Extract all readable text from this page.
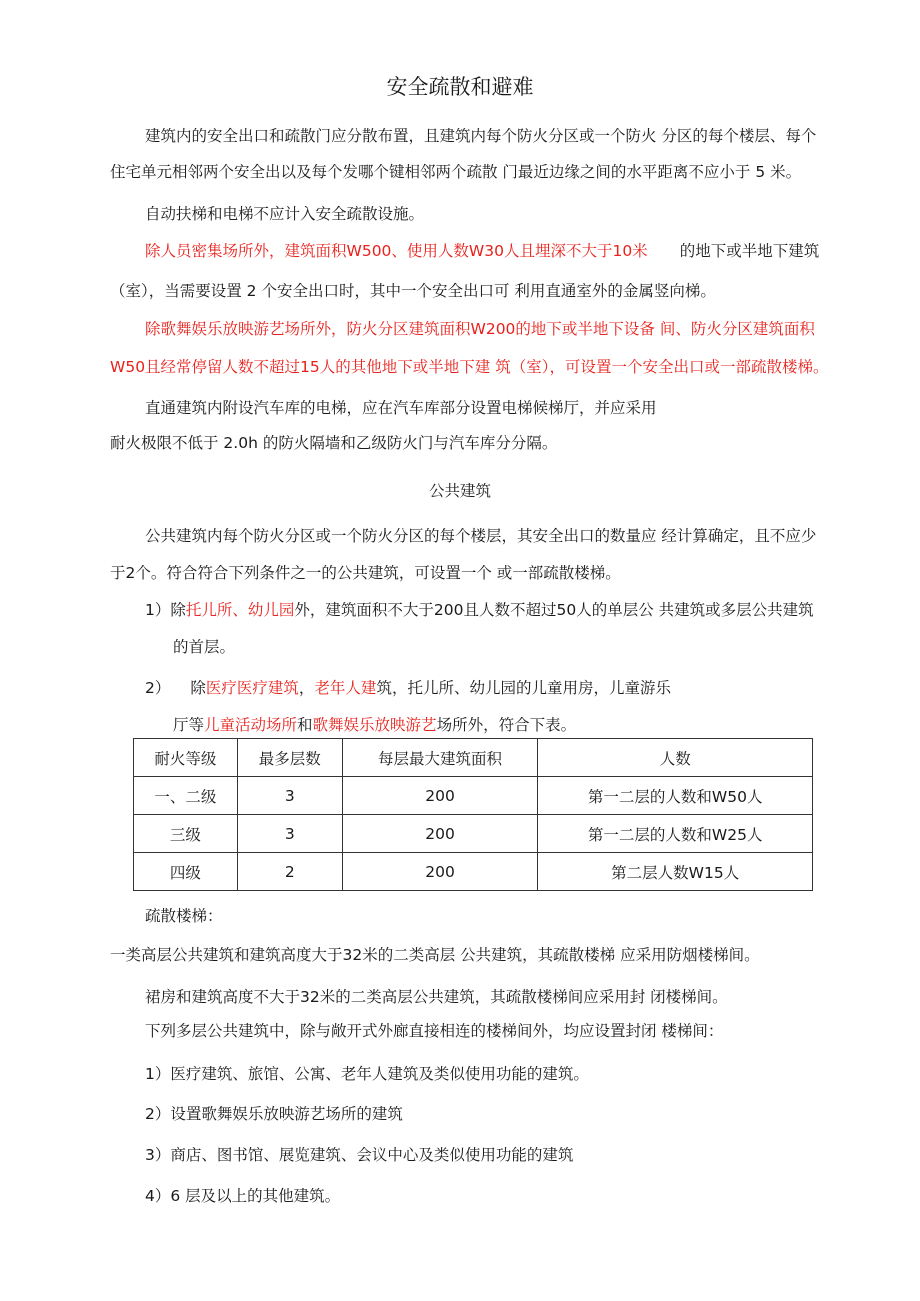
安全疏散和避难
建筑内的安全出口和疏散门应分散布置，且建筑内每个防火分区或一个防火 分区的每个楼层、每个
住宅单元相邻两个安全出以及每个发哪个键相邻两个疏散 门最近边缘之间的水平距离不应小于 5 米。
自动扶梯和电梯不应计入安全疏散设施。
除人员密集场所外，建筑面积W500、使用人数W30人且埋深不大于10米 的地下或半地下建筑
（室），当需要设置 2 个安全出口时，其中一个安全出口可 利用直通室外的金属竖向梯。
除歌舞娱乐放映游艺场所外，防火分区建筑面积W200的地下或半地下设备 间、防火分区建筑面积
W50且经常停留人数不超过15人的其他地下或半地下建 筑（室），可设置一个安全出口或一部疏散楼梯。
直通建筑内附设汽车库的电梯，应在汽车库部分设置电梯候梯厅，并应采用
耐火极限不低于 2.0h 的防火隔墙和乙级防火门与汽车库分分隔。
公共建筑
公共建筑内每个防火分区或一个防火分区的每个楼层，其安全出口的数量应 经计算确定，且不应少
于2个。符合符合下列条件之一的公共建筑，可设置一个 或一部疏散楼梯。
1）除托儿所、幼儿园外，建筑面积不大于200且人数不超过50人的单层公 共建筑或多层公共建筑
的首层。
2） 除医疗医疗建筑，老年人建筑，托儿所、幼儿园的儿童用房，儿童游乐
厅等儿童活动场所和歌舞娱乐放映游艺场所外，符合下表。
耐火等级	最多层数	每层最大建筑面积	人数
一、二级	3	200	第一二层的人数和W50人
三级	3	200	第一二层的人数和W25人
四级	2	200	第二层人数W15人
疏散楼梯：
一类高层公共建筑和建筑高度大于32米的二类高层 公共建筑，其疏散楼梯 应采用防烟楼梯间。
裙房和建筑高度不大于32米的二类高层公共建筑，其疏散楼梯间应采用封 闭楼梯间。
下列多层公共建筑中，除与敞开式外廊直接相连的楼梯间外，均应设置封闭 楼梯间：
1）医疗建筑、旅馆、公寓、老年人建筑及类似使用功能的建筑。
2）设置歌舞娱乐放映游艺场所的建筑
3）商店、图书馆、展览建筑、会议中心及类似使用功能的建筑
4）6 层及以上的其他建筑。
